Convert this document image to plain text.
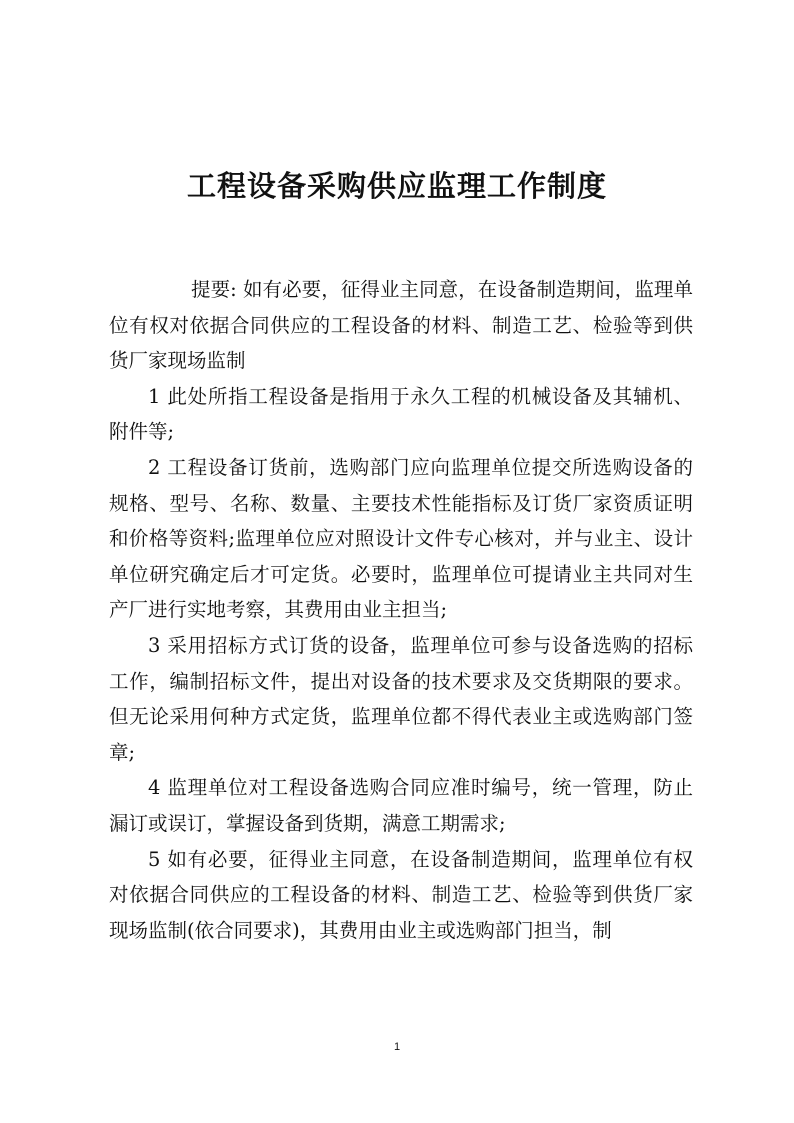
工程设备采购供应监理工作制度

提要: 如有必要，征得业主同意，在设备制造期间，监理单位有权对依据合同供应的工程设备的材料、制造工艺、检验等到供货厂家现场监制

1 此处所指工程设备是指用于永久工程的机械设备及其辅机、附件等;

2 工程设备订货前，选购部门应向监理单位提交所选购设备的规格、型号、名称、数量、主要技术性能指标及订货厂家资质证明和价格等资料;监理单位应对照设计文件专心核对，并与业主、设计单位研究确定后才可定货。必要时，监理单位可提请业主共同对生产厂进行实地考察，其费用由业主担当;

3 采用招标方式订货的设备，监理单位可参与设备选购的招标工作，编制招标文件，提出对设备的技术要求及交货期限的要求。但无论采用何种方式定货，监理单位都不得代表业主或选购部门签章;

4 监理单位对工程设备选购合同应准时编号，统一管理，防止漏订或误订，掌握设备到货期，满意工期需求;

5 如有必要，征得业主同意，在设备制造期间，监理单位有权对依据合同供应的工程设备的材料、制造工艺、检验等到供货厂家现场监制(依合同要求)，其费用由业主或选购部门担当，制

1
